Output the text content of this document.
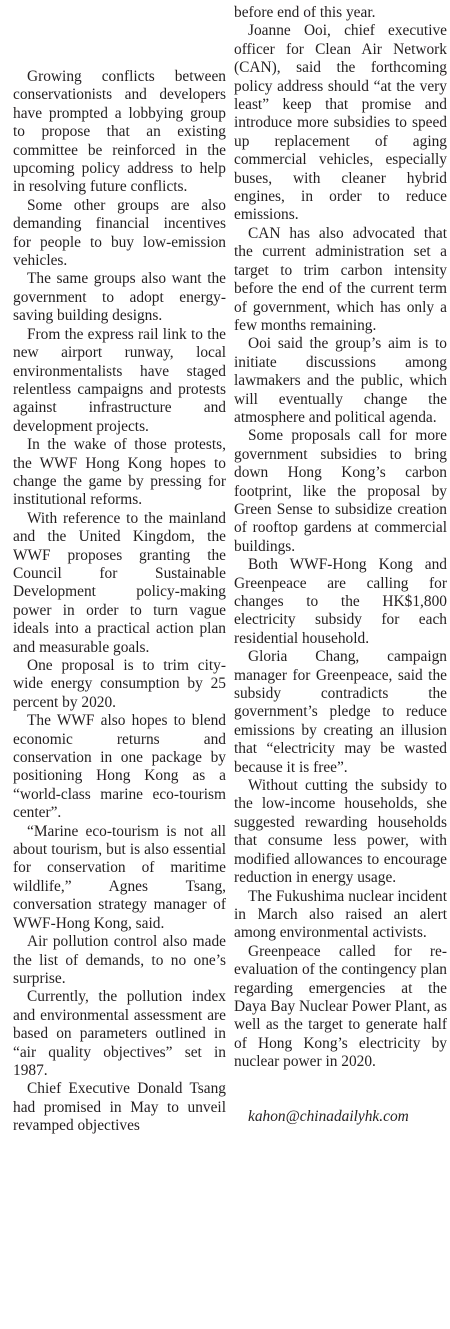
Growing conflicts between conservationists and developers have prompted a lobbying group to propose that an existing committee be reinforced in the upcoming policy address to help in resolving future conflicts.

Some other groups are also demanding financial incentives for people to buy low-emission vehicles.

The same groups also want the government to adopt energy-saving building designs.

From the express rail link to the new airport runway, local environmentalists have staged relentless campaigns and protests against infrastructure and development projects.

In the wake of those protests, the WWF Hong Kong hopes to change the game by pressing for institutional reforms.

With reference to the mainland and the United Kingdom, the WWF proposes granting the Council for Sustainable Development policy-making power in order to turn vague ideals into a practical action plan and measurable goals.

One proposal is to trim city-wide energy consumption by 25 percent by 2020.

The WWF also hopes to blend economic returns and conservation in one package by positioning Hong Kong as a “world-class marine eco-tourism center”.

“Marine eco-tourism is not all about tourism, but is also essential for conservation of maritime wildlife,” Agnes Tsang, conversation strategy manager of WWF-Hong Kong, said.

Air pollution control also made the list of demands, to no one’s surprise.

Currently, the pollution index and environmental assessment are based on parameters outlined in “air quality objectives” set in 1987.

Chief Executive Donald Tsang had promised in May to unveil revamped objectives

before end of this year.

Joanne Ooi, chief executive officer for Clean Air Network (CAN), said the forthcoming policy address should “at the very least” keep that promise and introduce more subsidies to speed up replacement of aging commercial vehicles, especially buses, with cleaner hybrid engines, in order to reduce emissions.

CAN has also advocated that the current administration set a target to trim carbon intensity before the end of the current term of government, which has only a few months remaining.

Ooi said the group’s aim is to initiate discussions among lawmakers and the public, which will eventually change the atmosphere and political agenda.

Some proposals call for more government subsidies to bring down Hong Kong’s carbon footprint, like the proposal by Green Sense to subsidize creation of rooftop gardens at commercial buildings.

Both WWF-Hong Kong and Greenpeace are calling for changes to the HK$1,800 electricity subsidy for each residential household.

Gloria Chang, campaign manager for Greenpeace, said the subsidy contradicts the government’s pledge to reduce emissions by creating an illusion that “electricity may be wasted because it is free”.

Without cutting the subsidy to the low-income households, she suggested rewarding households that consume less power, with modified allowances to encourage reduction in energy usage.

The Fukushima nuclear incident in March also raised an alert among environmental activists.

Greenpeace called for re-evaluation of the contingency plan regarding emergencies at the Daya Bay Nuclear Power Plant, as well as the target to generate half of Hong Kong’s electricity by nuclear power in 2020.

kahon@chinadailyhk.com
